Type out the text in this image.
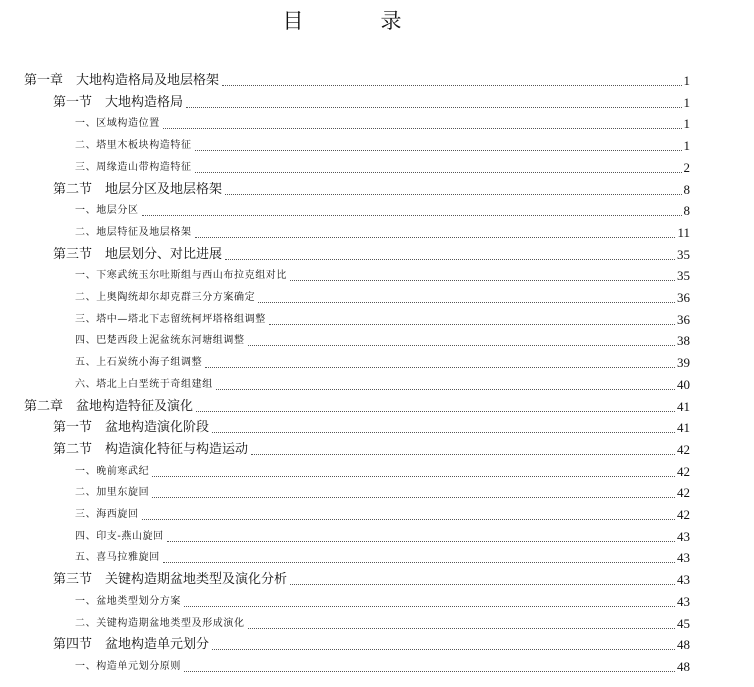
目　录
第一章　大地构造格局及地层格架	1
第一节　大地构造格局	1
一、区域构造位置	1
二、塔里木板块构造特征	1
三、周缘造山带构造特征	2
第二节　地层分区及地层格架	8
一、地层分区	8
二、地层特征及地层格架	11
第三节　地层划分、对比进展	35
一、下寒武统玉尔吐斯组与西山布拉克组对比	35
二、上奥陶统却尔却克群三分方案确定	36
三、塔中—塔北下志留统柯坪塔格组调整	36
四、巴楚西段上泥盆统东河塘组调整	38
五、上石炭统小海子组调整	39
六、塔北上白垩统于奇组建组	40
第二章　盆地构造特征及演化	41
第一节　盆地构造演化阶段	41
第二节　构造演化特征与构造运动	42
一、晚前寒武纪	42
二、加里东旋回	42
三、海西旋回	42
四、印支-燕山旋回	43
五、喜马拉雅旋回	43
第三节　关键构造期盆地类型及演化分析	43
一、盆地类型划分方案	43
二、关键构造期盆地类型及形成演化	45
第四节　盆地构造单元划分	48
一、构造单元划分原则	48
